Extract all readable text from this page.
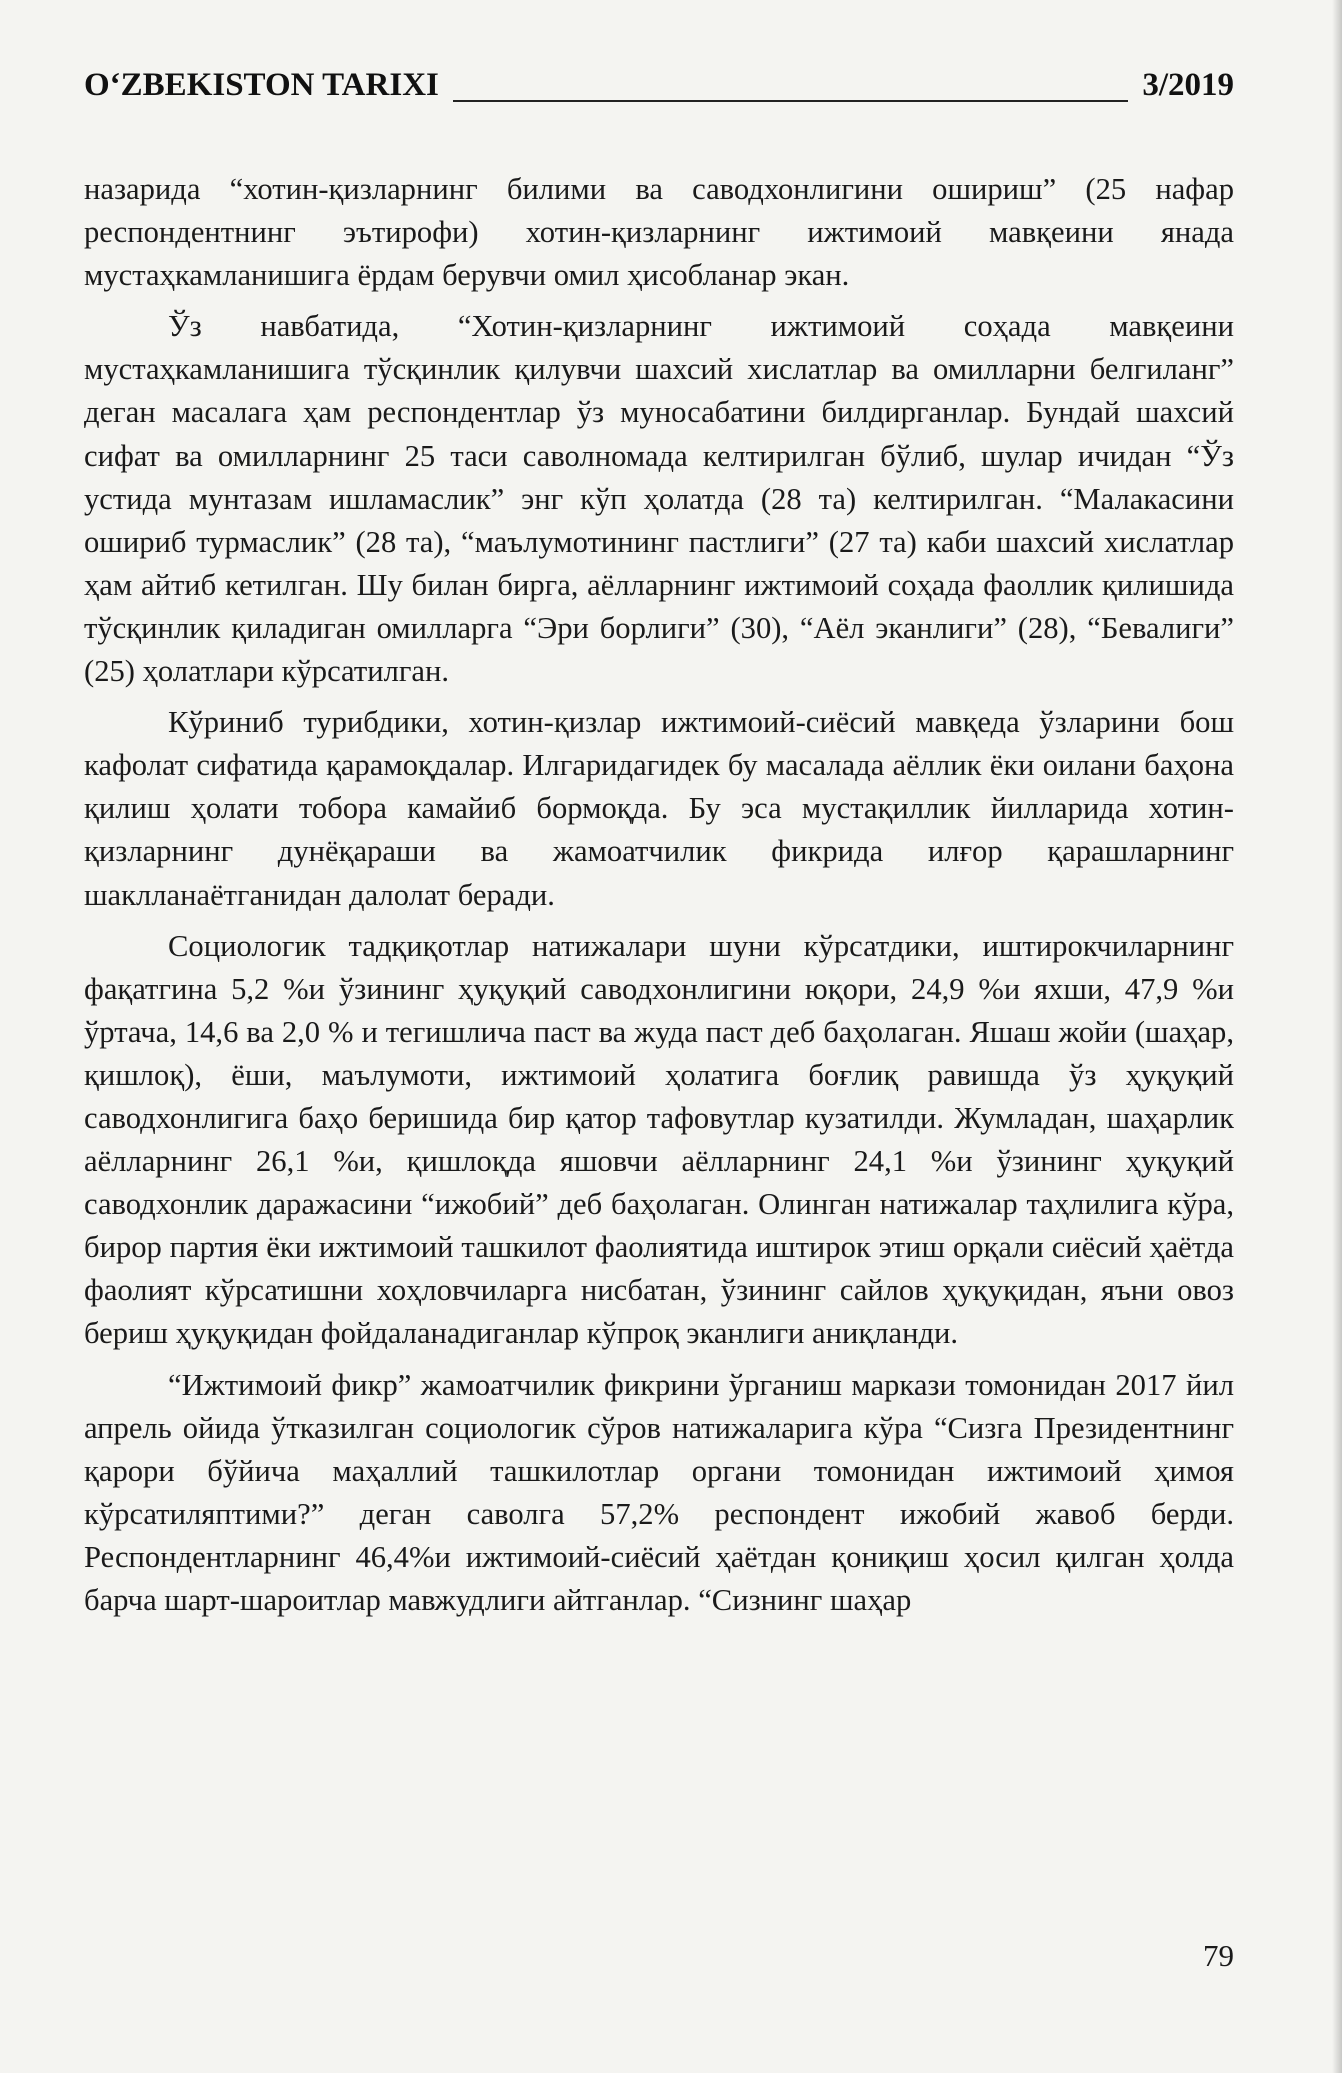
O‘ZBEKISTON TARIXI	3/2019

назарида “хотин-қизларнинг билими ва саводхонлигини ошириш” (25 нафар респондентнинг эътирофи) хотин-қизларнинг ижтимоий мавқеини янада мустаҳкамланишига ёрдам берувчи омил ҳисобланар экан.

Ўз навбатида, “Хотин-қизларнинг ижтимоий соҳада мавқеини мустаҳкамланишига тўсқинлик қилувчи шахсий хислатлар ва омилларни белгиланг” деган масалага ҳам респондентлар ўз муносабатини билдирганлар. Бундай шахсий сифат ва омилларнинг 25 таси саволномада келтирилган бўлиб, шулар ичидан “Ўз устида мунтазам ишламаслик” энг кўп ҳолатда (28 та) келтирилган. “Малакасини ошириб турмаслик” (28 та), “маълумотининг пастлиги” (27 та) каби шахсий хислатлар ҳам айтиб кетилган. Шу билан бирга, аёлларнинг ижтимоий соҳада фаоллик қилишида тўсқинлик қиладиган омилларга “Эри борлиги” (30), “Аёл эканлиги” (28), “Бевалиги” (25) ҳолатлари кўрсатилган.

Кўриниб турибдики, хотин-қизлар ижтимоий-сиёсий мавқеда ўзларини бош кафолат сифатида қарамоқдалар. Илгаридагидек бу масалада аёллик ёки оилани баҳона қилиш ҳолати тобора камайиб бормоқда. Бу эса мустақиллик йилларида хотин-қизларнинг дунёқараши ва жамоатчилик фикрида илғор қарашларнинг шаклланаётганидан далолат беради.

Социологик тадқиқотлар натижалари шуни кўрсатдики, иштирокчиларнинг фақатгина 5,2 %и ўзининг ҳуқуқий саводхонлигини юқори, 24,9 %и яхши, 47,9 %и ўртача, 14,6 ва 2,0 % и тегишлича паст ва жуда паст деб баҳолаган. Яшаш жойи (шаҳар, қишлоқ), ёши, маълумоти, ижтимоий ҳолатига боғлиқ равишда ўз ҳуқуқий саводхонлигига баҳо беришида бир қатор тафовутлар кузатилди. Жумладан, шаҳарлик аёлларнинг 26,1 %и, қишлоқда яшовчи аёлларнинг 24,1 %и ўзининг ҳуқуқий саводхонлик даражасини “ижобий” деб баҳолаган. Олинган натижалар таҳлилига кўра, бирор партия ёки ижтимоий ташкилот фаолиятида иштирок этиш орқали сиёсий ҳаётда фаолият кўрсатишни хоҳловчиларга нисбатан, ўзининг сайлов ҳуқуқидан, яъни овоз бериш ҳуқуқидан фойдаланадиганлар кўпроқ эканлиги аниқланди.

“Ижтимоий фикр” жамоатчилик фикрини ўрганиш маркази томонидан 2017 йил апрель ойида ўтказилган социологик сўров натижаларига кўра “Сизга Президентнинг қарори бўйича маҳаллий ташкилотлар органи томонидан ижтимоий ҳимоя кўрсатиляптими?” деган саволга 57,2% респондент ижобий жавоб берди. Респондентларнинг 46,4%и ижтимоий-сиёсий ҳаётдан қониқиш ҳосил қилган ҳолда барча шарт-шароитлар мавжудлиги айтганлар. “Сизнинг шаҳар

79
